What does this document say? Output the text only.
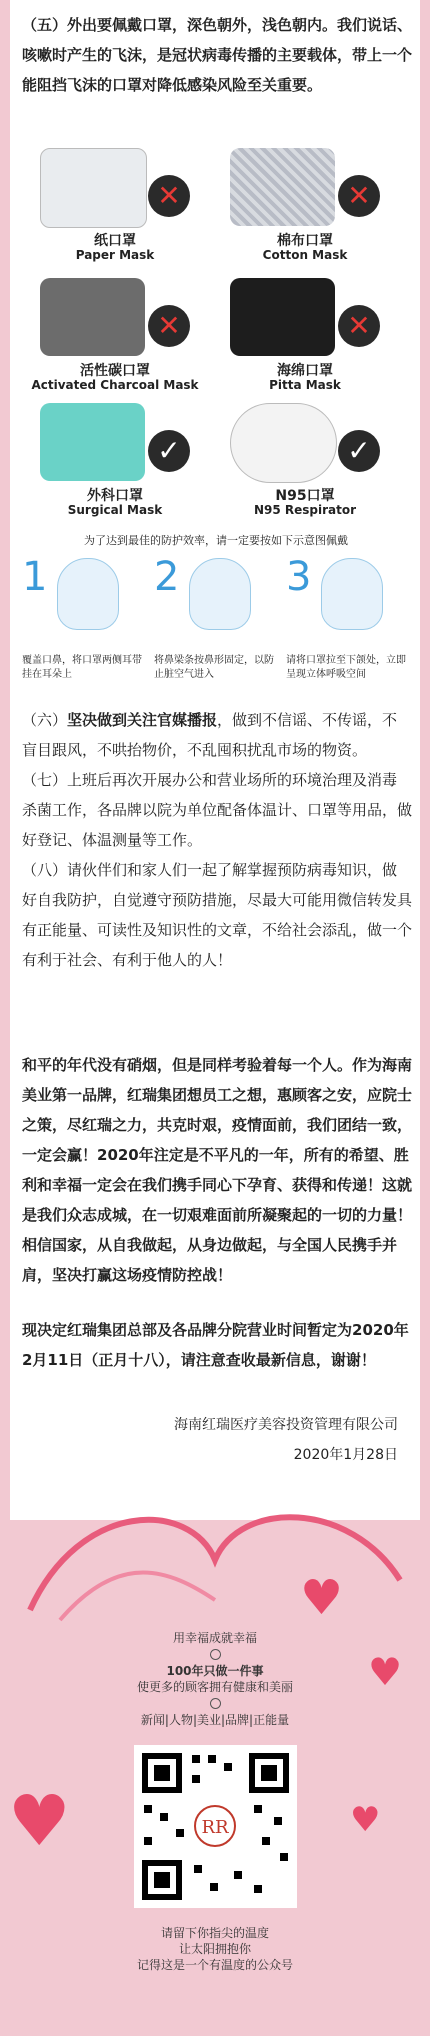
（五）外出要佩戴口罩，深色朝外，浅色朝内。我们说话、咳嗽时产生的飞沫，是冠状病毒传播的主要载体，带上一个能阻挡飞沫的口罩对降低感染风险至关重要。

✕
纸口罩
Paper Mask
✕
棉布口罩
Cotton Mask
✕
活性碳口罩
Activated Charcoal Mask
✕
海绵口罩
Pitta Mask
✓
外科口罩
Surgical Mask
✓
N95口罩
N95 Respirator
为了达到最佳的防护效率，请一定要按如下示意图佩戴
1
覆盖口鼻，将口罩两侧耳带挂在耳朵上
2
将鼻梁条按鼻形固定，以防止脏空气进入
3
请将口罩拉至下颌处，立即呈现立体呼吸空间

（六）坚决做到关注官媒播报，做到不信谣、不传谣，不盲目跟风，不哄抬物价，不乱囤积扰乱市场的物资。

（七）上班后再次开展办公和营业场所的环境治理及消毒杀菌工作，各品牌以院为单位配备体温计、口罩等用品，做好登记、体温测量等工作。

（八）请伙伴们和家人们一起了解掌握预防病毒知识，做好自我防护，自觉遵守预防措施，尽最大可能用微信转发具有正能量、可读性及知识性的文章，不给社会添乱，做一个有利于社会、有利于他人的人！

和平的年代没有硝烟，但是同样考验着每一个人。作为海南美业第一品牌，红瑞集团想员工之想，惠顾客之安，应院士之策，尽红瑞之力，共克时艰，疫情面前，我们团结一致，一定会赢！2020年注定是不平凡的一年，所有的希望、胜利和幸福一定会在我们携手同心下孕育、获得和传递！这就是我们众志成城，在一切艰难面前所凝聚起的一切的力量！相信国家，从自我做起，从身边做起，与全国人民携手并肩，坚决打赢这场疫情防控战！

现决定红瑞集团总部及各品牌分院营业时间暂定为2020年2月11日（正月十八），请注意查收最新信息，谢谢！

海南红瑞医疗美容投资管理有限公司
2020年1月28日
♥
♥
♥	♥
用幸福成就幸福
100年只做一件事
使更多的顾客拥有健康和美丽
新闻|人物|美业|品牌|正能量
RR
请留下你指尖的温度
让太阳拥抱你
记得这是一个有温度的公众号
